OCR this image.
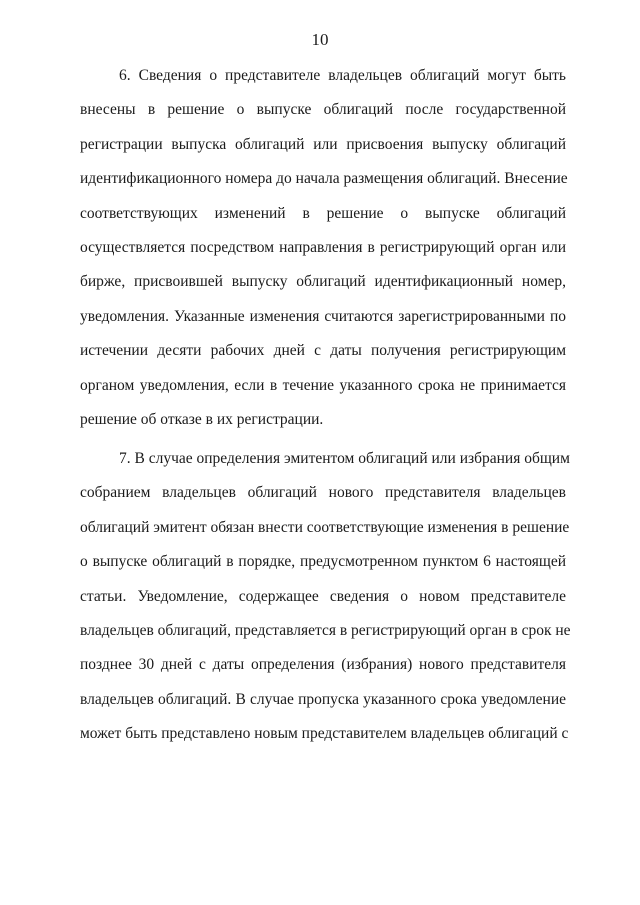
10
6. Сведения о представителе владельцев облигаций могут быть
внесены в решение о выпуске облигаций после государственной
регистрации выпуска облигаций или присвоения выпуску облигаций
идентификационного номера до начала размещения облигаций. Внесение
соответствующих изменений в решение о выпуске облигаций
осуществляется посредством направления в регистрирующий орган или
бирже, присвоившей выпуску облигаций идентификационный номер,
уведомления. Указанные изменения считаются зарегистрированными по
истечении десяти рабочих дней с даты получения регистрирующим
органом уведомления, если в течение указанного срока не принимается
решение об отказе в их регистрации.
7. В случае определения эмитентом облигаций или избрания общим
собранием владельцев облигаций нового представителя владельцев
облигаций эмитент обязан внести соответствующие изменения в решение
о выпуске облигаций в порядке, предусмотренном пунктом 6 настоящей
статьи. Уведомление, содержащее сведения о новом представителе
владельцев облигаций, представляется в регистрирующий орган в срок не
позднее 30 дней с даты определения (избрания) нового представителя
владельцев облигаций. В случае пропуска указанного срока уведомление
может быть представлено новым представителем владельцев облигаций с
